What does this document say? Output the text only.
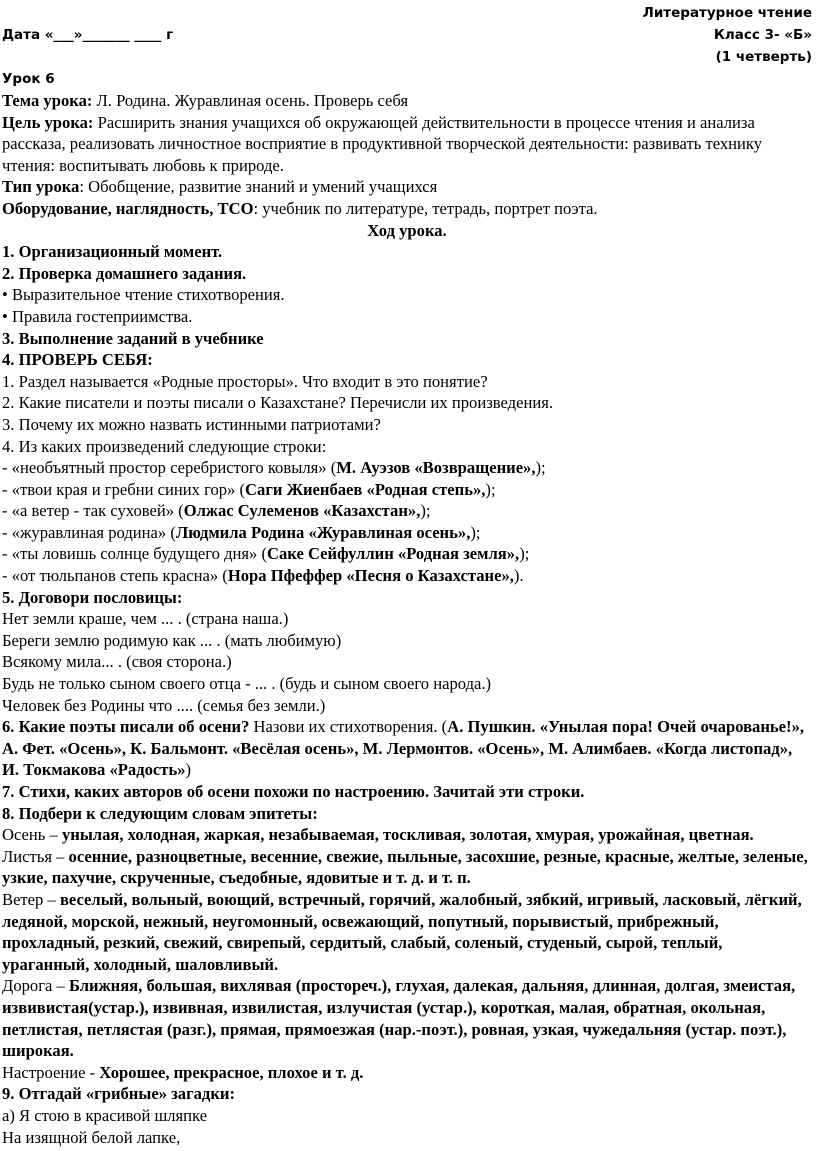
Литературное чтение
Дата «___»_______ ____ г	Класс 3- «Б»
(1 четверть)
Урок 6

Тема урока: Л. Родина. Журавлиная осень. Проверь себя

Цель урока: Расширить знания учащихся об окружающей действительности в процессе чтения и анализа рассказа, реализовать личностное восприятие в продуктивной творческой деятельности: развивать технику чтения: воспитывать любовь к природе.

Тип урока: Обобщение, развитие знаний и умений учащихся

Оборудование, наглядность, ТСО: учебник по литературе, тетрадь, портрет поэта.

Ход урока.

1. Организационный момент.

2. Проверка домашнего задания.

• Выразительное чтение стихотворения.

• Правила гостеприимства.

3. Выполнение заданий в учебнике

4. ПРОВЕРЬ СЕБЯ:

1. Раздел называется «Родные просторы». Что входит в это понятие?

2. Какие писатели и поэты писали о Казахстане? Перечисли их произведения.

3. Почему их можно назвать истинными патриотами?

4. Из каких произведений следующие строки:

- «необъятный простор серебристого ковыля» (М. Ауэзов «Возвращение»,);

- «твои края и гребни синих гор» (Саги Жиенбаев «Родная степь»,);

- «а ветер - так суховей» (Олжас Сулеменов «Казахстан»,);

- «журавлиная родина» (Людмила Родина «Журавлиная осень»,);

- «ты ловишь солнце будущего дня» (Саке Сейфуллин «Родная земля»,);

- «от тюльпанов степь красна» (Нора Пфеффер «Песня о Казахстане»,).

5. Договори пословицы:

Нет земли краше, чем ... . (страна наша.)

Береги землю родимую как ... . (мать любимую)

Всякому мила... . (своя сторона.)

Будь не только сыном своего отца - ... . (будь и сыном своего народа.)

Человек без Родины что .... (семья без земли.)

6. Какие поэты писали об осени? Назови их стихотворения. (А. Пушкин. «Унылая пора! Очей очарованье!», А. Фет. «Осень», К. Бальмонт. «Весёлая осень», М. Лермонтов. «Осень», М. Алимбаев. «Когда листопад», И. Токмакова «Радость»)

7. Стихи, каких авторов об осени похожи по настроению. Зачитай эти строки.

8. Подбери к следующим словам эпитеты:

Осень – унылая, холодная, жаркая, незабываемая, тоскливая, золотая, хмурая, урожайная, цветная.

Листья – осенние, разноцветные, весенние, свежие, пыльные, засохшие, резные, красные, желтые, зеленые, узкие, пахучие, скрученные, съедобные, ядовитые и т. д. и т. п.

Ветер – веселый, вольный, воющий, встречный, горячий, жалобный, зябкий, игривый, ласковый, лёгкий, ледяной, морской, нежный, неугомонный, освежающий, попутный, порывистый, прибрежный, прохладный, резкий, свежий, свирепый, сердитый, слабый, соленый, студеный, сырой, теплый, ураганный, холодный, шаловливый.

Дорога – Ближняя, большая, вихлявая (простореч.), глухая, далекая, дальняя, длинная, долгая, змеистая, извивистая(устар.), извивная, извилистая, излучистая (устар.), короткая, малая, обратная, окольная, петлистая, петлястая (разг.), прямая, прямоезжая (нар.-поэт.), ровная, узкая, чужедальняя (устар. поэт.), широкая.

Настроение - Хорошее, прекрасное, плохое и т. д.

9. Отгадай «грибные» загадки:

а) Я стою в красивой шляпке

На изящной белой лапке,
